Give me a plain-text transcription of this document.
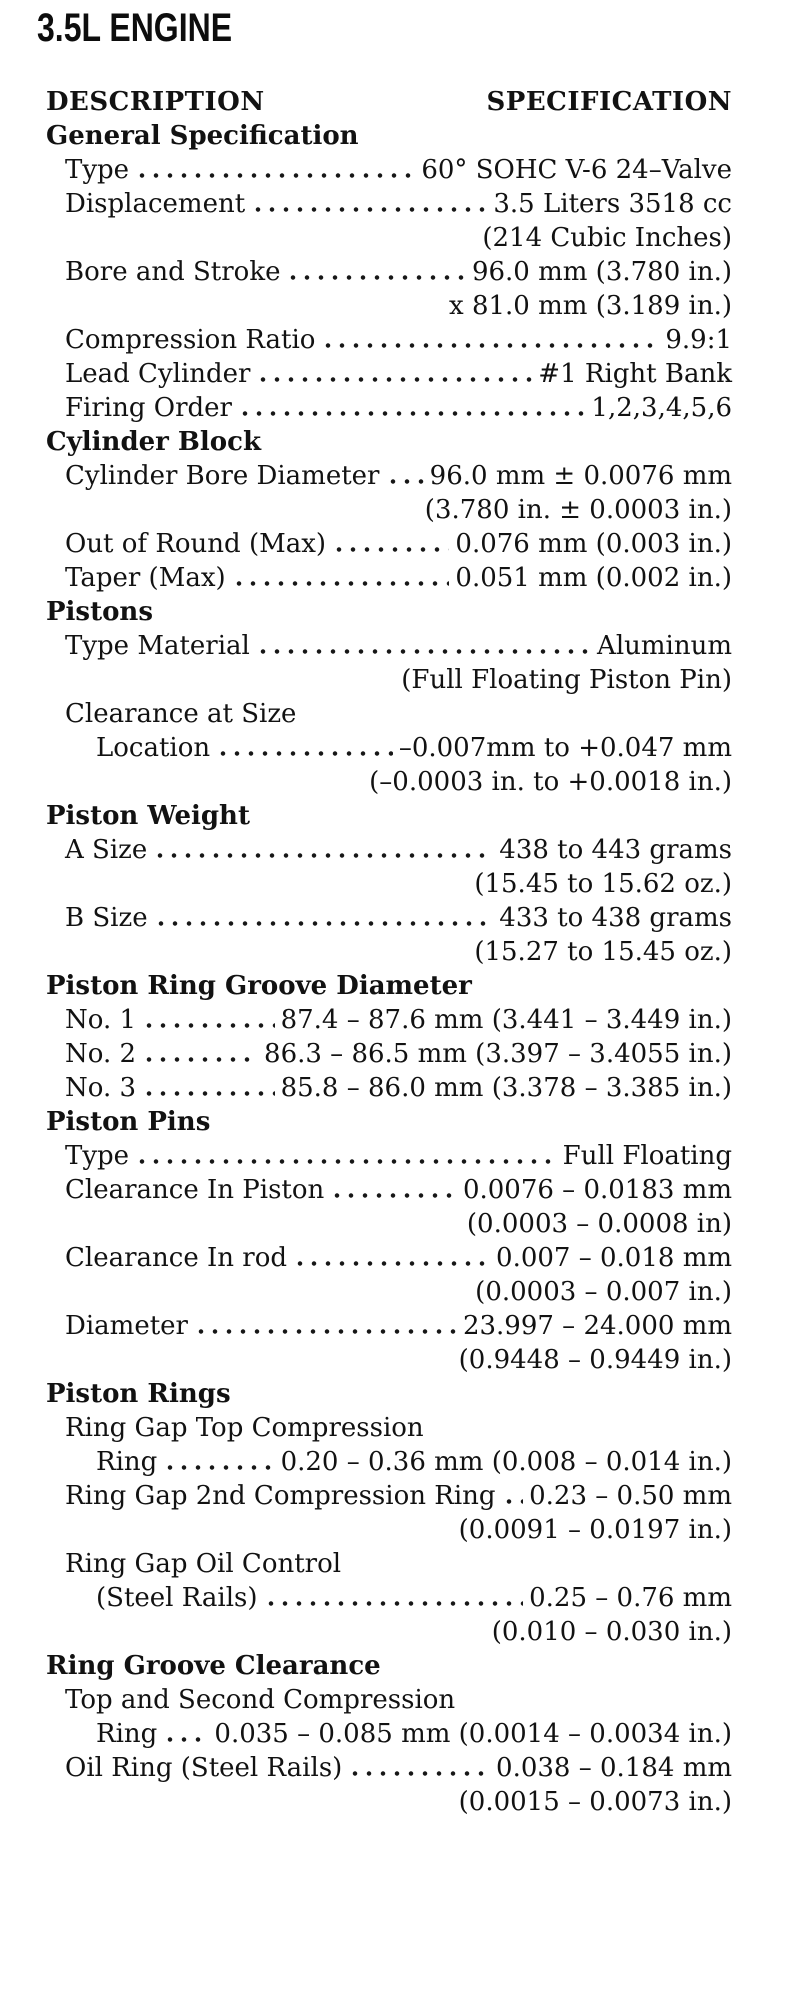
3.5L ENGINE
DESCRIPTION	SPECIFICATION
General Specification
Type	60° SOHC V-6 24–Valve
Displacement	3.5 Liters 3518 cc
(214 Cubic Inches)
Bore and Stroke	96.0 mm (3.780 in.)
x 81.0 mm (3.189 in.)
Compression Ratio	9.9:1
Lead Cylinder	#1 Right Bank
Firing Order	1,2,3,4,5,6
Cylinder Block
Cylinder Bore Diameter 96.0 mm ± 0.0076 mm
(3.780 in. ± 0.0003 in.)
Out of Round (Max)	0.076 mm (0.003 in.)
Taper (Max)	0.051 mm (0.002 in.)
Pistons
Type Material	Aluminum
(Full Floating Piston Pin)
Clearance at Size
Location	–0.007mm to +0.047 mm
(–0.0003 in. to +0.0018 in.)
Piston Weight
A Size	438 to 443 grams
(15.45 to 15.62 oz.)
B Size	433 to 438 grams
(15.27 to 15.45 oz.)
Piston Ring Groove Diameter
No. 1	87.4 – 87.6 mm (3.441 – 3.449 in.)
No. 2	86.3 – 86.5 mm (3.397 – 3.4055 in.)
No. 3	85.8 – 86.0 mm (3.378 – 3.385 in.)
Piston Pins
Type	Full Floating
Clearance In Piston	0.0076 – 0.0183 mm
(0.0003 – 0.0008 in)
Clearance In rod	0.007 – 0.018 mm
(0.0003 – 0.007 in.)
Diameter	23.997 – 24.000 mm
(0.9448 – 0.9449 in.)
Piston Rings
Ring Gap Top Compression
Ring	0.20 – 0.36 mm (0.008 – 0.014 in.)
Ring Gap 2nd Compression Ring 0.23 – 0.50 mm
(0.0091 – 0.0197 in.)
Ring Gap Oil Control
(Steel Rails)	0.25 – 0.76 mm
(0.010 – 0.030 in.)
Ring Groove Clearance
Top and Second Compression
Ring 0.035 – 0.085 mm (0.0014 – 0.0034 in.)
Oil Ring (Steel Rails)	0.038 – 0.184 mm
(0.0015 – 0.0073 in.)
